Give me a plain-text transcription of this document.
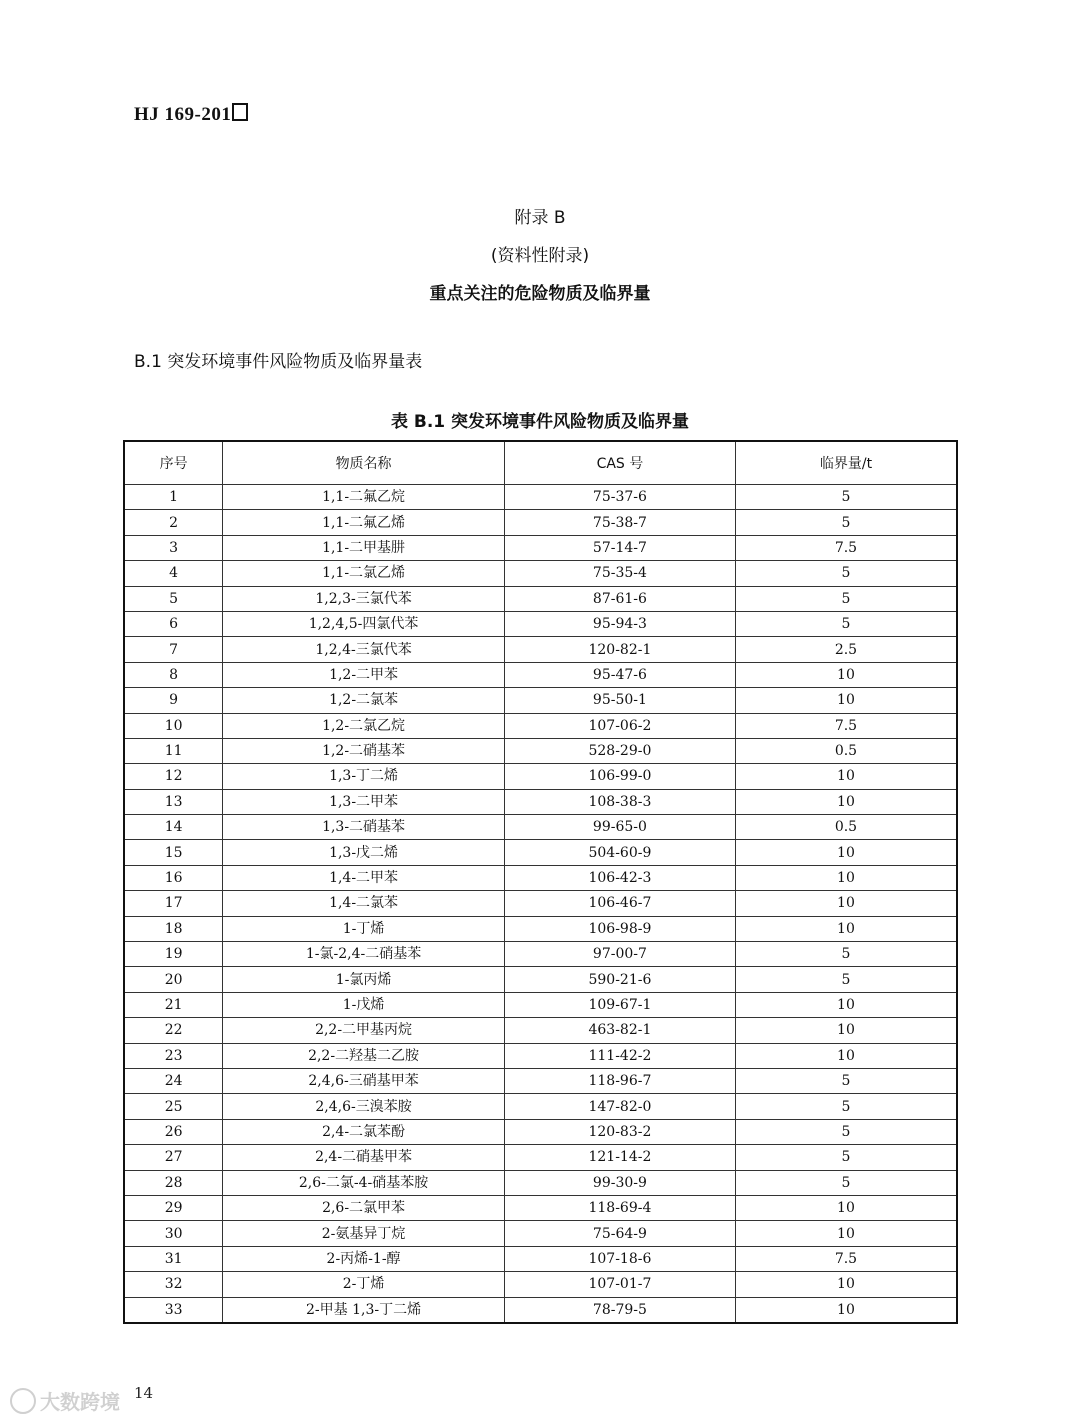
HJ 169-201
附录 B
(资料性附录)
重点关注的危险物质及临界量
B.1 突发环境事件风险物质及临界量表
表 B.1 突发环境事件风险物质及临界量
序号	物质名称	CAS 号	临界量/t
1	1,1-二氟乙烷	75-37-6	5
2	1,1-二氟乙烯	75-38-7	5
3	1,1-二甲基肼	57-14-7	7.5
4	1,1-二氯乙烯	75-35-4	5
5	1,2,3-三氯代苯	87-61-6	5
6	1,2,4,5-四氯代苯	95-94-3	5
7	1,2,4-三氯代苯	120-82-1	2.5
8	1,2-二甲苯	95-47-6	10
9	1,2-二氯苯	95-50-1	10
10	1,2-二氯乙烷	107-06-2	7.5
11	1,2-二硝基苯	528-29-0	0.5
12	1,3-丁二烯	106-99-0	10
13	1,3-二甲苯	108-38-3	10
14	1,3-二硝基苯	99-65-0	0.5
15	1,3-戊二烯	504-60-9	10
16	1,4-二甲苯	106-42-3	10
17	1,4-二氯苯	106-46-7	10
18	1-丁烯	106-98-9	10
19	1-氯-2,4-二硝基苯	97-00-7	5
20	1-氯丙烯	590-21-6	5
21	1-戊烯	109-67-1	10
22	2,2-二甲基丙烷	463-82-1	10
23	2,2-二羟基二乙胺	111-42-2	10
24	2,4,6-三硝基甲苯	118-96-7	5
25	2,4,6-三溴苯胺	147-82-0	5
26	2,4-二氯苯酚	120-83-2	5
27	2,4-二硝基甲苯	121-14-2	5
28	2,6-二氯-4-硝基苯胺	99-30-9	5
29	2,6-二氯甲苯	118-69-4	10
30	2-氨基异丁烷	75-64-9	10
31	2-丙烯-1-醇	107-18-6	7.5
32	2-丁烯	107-01-7	10
33	2-甲基 1,3-丁二烯	78-79-5	10
14
大数跨境
